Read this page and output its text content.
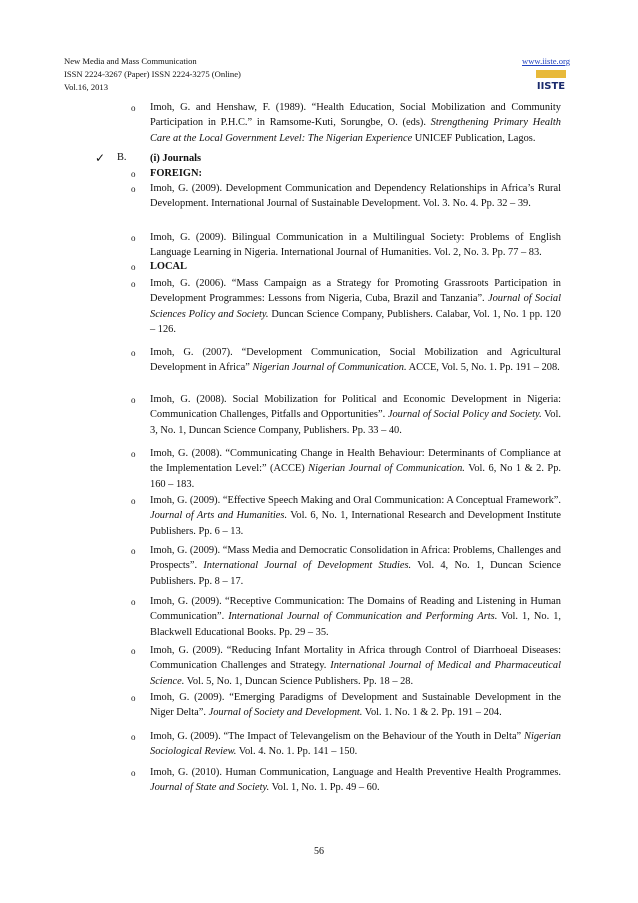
New Media and Mass Communication
ISSN 2224-3267 (Paper) ISSN 2224-3275 (Online)
Vol.16, 2013
www.iiste.org
IISTE
o Imoh, G. and Henshaw, F. (1989). “Health Education, Social Mobilization and Community Participation in P.H.C.” in Ramsome-Kuti, Sorungbe, O. (eds). Strengthening Primary Health Care at the Local Government Level: The Nigerian Experience UNICEF Publication, Lagos.
✓ B. (i) Journals
o FOREIGN:
o Imoh, G. (2009). Development Communication and Dependency Relationships in Africa’s Rural Development. International Journal of Sustainable Development. Vol. 3. No. 4. Pp. 32 – 39.
o Imoh, G. (2009). Bilingual Communication in a Multilingual Society: Problems of English Language Learning in Nigeria. International Journal of Humanities. Vol. 2, No. 3. Pp. 77 – 83.
o LOCAL
o Imoh, G. (2006). “Mass Campaign as a Strategy for Promoting Grassroots Participation in Development Programmes: Lessons from Nigeria, Cuba, Brazil and Tanzania”. Journal of Social Sciences Policy and Society. Duncan Science Company, Publishers. Calabar, Vol. 1, No. 1 pp. 120 – 126.
o Imoh, G. (2007). “Development Communication, Social Mobilization and Agricultural Development in Africa” Nigerian Journal of Communication. ACCE, Vol. 5, No. 1. Pp. 191 – 208.
o Imoh, G. (2008). Social Mobilization for Political and Economic Development in Nigeria: Communication Challenges, Pitfalls and Opportunities”. Journal of Social Policy and Society. Vol. 3, No. 1, Duncan Science Company, Publishers. Pp. 33 – 40.
o Imoh, G. (2008). “Communicating Change in Health Behaviour: Determinants of Compliance at the Implementation Level:” (ACCE) Nigerian Journal of Communication. Vol. 6, No 1 & 2. Pp. 160 – 183.
o Imoh, G. (2009). “Effective Speech Making and Oral Communication: A Conceptual Framework”. Journal of Arts and Humanities. Vol. 6, No. 1, International Research and Development Institute Publishers. Pp. 6 – 13.
o Imoh, G. (2009). “Mass Media and Democratic Consolidation in Africa: Problems, Challenges and Prospects”. International Journal of Development Studies. Vol. 4, No. 1, Duncan Science Publishers. Pp. 8 – 17.
o Imoh, G. (2009). “Receptive Communication: The Domains of Reading and Listening in Human Communication”. International Journal of Communication and Performing Arts. Vol. 1, No. 1, Blackwell Educational Books. Pp. 29 – 35.
o Imoh, G. (2009). “Reducing Infant Mortality in Africa through Control of Diarrhoeal Diseases: Communication Challenges and Strategy. International Journal of Medical and Pharmaceutical Science. Vol. 5, No. 1, Duncan Science Publishers. Pp. 18 – 28.
o Imoh, G. (2009). “Emerging Paradigms of Development and Sustainable Development in the Niger Delta”. Journal of Society and Development. Vol. 1. No. 1 & 2. Pp. 191 – 204.
o Imoh, G. (2009). “The Impact of Televangelism on the Behaviour of the Youth in Delta” Nigerian Sociological Review. Vol. 4. No. 1. Pp. 141 – 150.
o Imoh, G. (2010). Human Communication, Language and Health Preventive Health Programmes. Journal of State and Society. Vol. 1, No. 1. Pp. 49 – 60.
56
